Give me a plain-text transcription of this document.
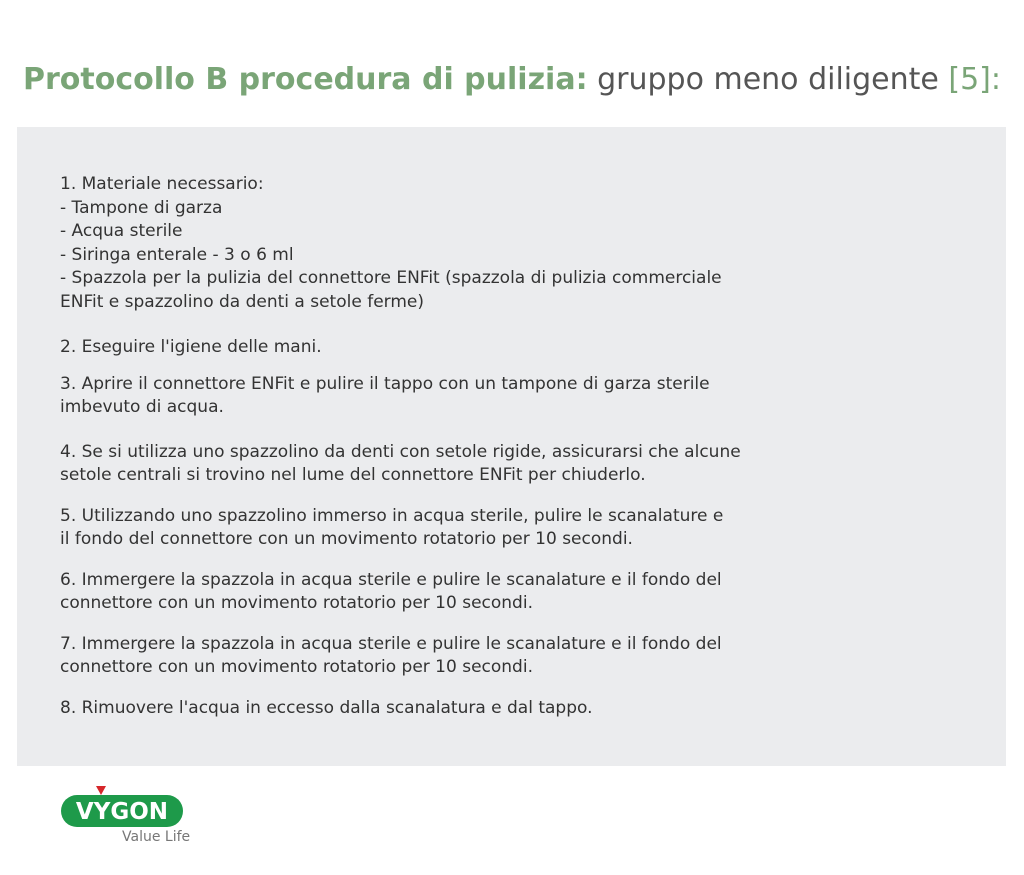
Protocollo B procedura di pulizia: gruppo meno diligente [5]:

1. Materiale necessario:

- Tampone di garza

- Acqua sterile

- Siringa enterale - 3 o 6 ml

- Spazzola per la pulizia del connettore ENFit (spazzola di pulizia commerciale

ENFit e spazzolino da denti a setole ferme)

2. Eseguire l'igiene delle mani.

3. Aprire il connettore ENFit e pulire il tappo con un tampone di garza sterile

imbevuto di acqua.

4. Se si utilizza uno spazzolino da denti con setole rigide, assicurarsi che alcune

setole centrali si trovino nel lume del connettore ENFit per chiuderlo.

5. Utilizzando uno spazzolino immerso in acqua sterile, pulire le scanalature e

il fondo del connettore con un movimento rotatorio per 10 secondi.

6. Immergere la spazzola in acqua sterile e pulire le scanalature e il fondo del

connettore con un movimento rotatorio per 10 secondi.

7. Immergere la spazzola in acqua sterile e pulire le scanalature e il fondo del

connettore con un movimento rotatorio per 10 secondi.

8. Rimuovere l'acqua in eccesso dalla scanalatura e dal tappo.

VYGON
Value Life
